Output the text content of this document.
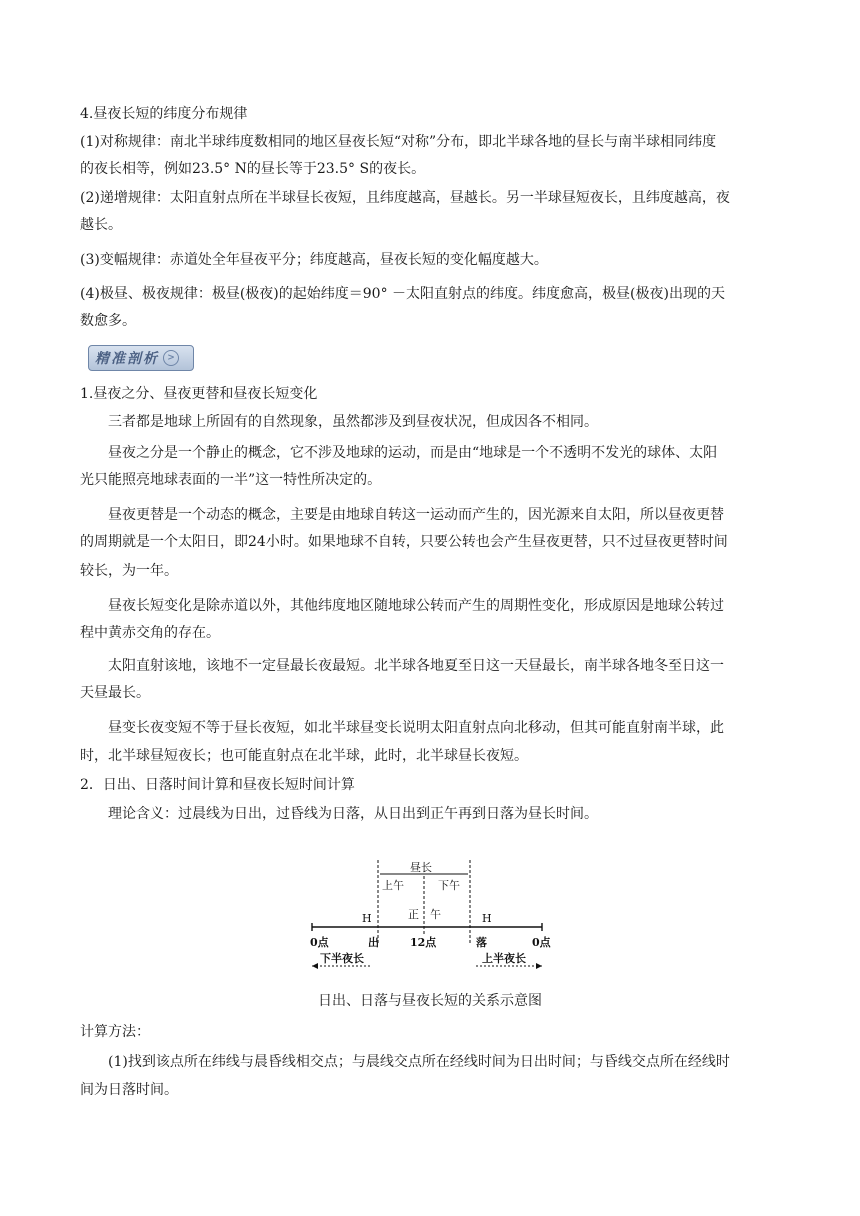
4.昼夜长短的纬度分布规律
(1)对称规律：南北半球纬度数相同的地区昼夜长短“对称”分布，即北半球各地的昼长与南半球相同纬度
的夜长相等，例如23.5° N的昼长等于23.5° S的夜长。
(2)递增规律：太阳直射点所在半球昼长夜短，且纬度越高，昼越长。另一半球昼短夜长，且纬度越高，夜
越长。
(3)变幅规律：赤道处全年昼夜平分；纬度越高，昼夜长短的变化幅度越大。
(4)极昼、极夜规律：极昼(极夜)的起始纬度＝90° －太阳直射点的纬度。纬度愈高，极昼(极夜)出现的天
数愈多。
精准剖析 >
1.昼夜之分、昼夜更替和昼夜长短变化
三者都是地球上所固有的自然现象，虽然都涉及到昼夜状况，但成因各不相同。
昼夜之分是一个静止的概念，它不涉及地球的运动，而是由“地球是一个不透明不发光的球体、太阳
光只能照亮地球表面的一半”这一特性所决定的。
昼夜更替是一个动态的概念，主要是由地球自转这一运动而产生的，因光源来自太阳，所以昼夜更替
的周期就是一个太阳日，即24小时。如果地球不自转，只要公转也会产生昼夜更替，只不过昼夜更替时间
较长，为一年。
昼夜长短变化是除赤道以外，其他纬度地区随地球公转而产生的周期性变化，形成原因是地球公转过
程中黄赤交角的存在。
太阳直射该地，该地不一定昼最长夜最短。北半球各地夏至日这一天昼最长，南半球各地冬至日这一
天昼最长。
昼变长夜变短不等于昼长夜短，如北半球昼变长说明太阳直射点向北移动，但其可能直射南半球，此
时，北半球昼短夜长；也可能直射点在北半球，此时，北半球昼长夜短。
2．日出、日落时间计算和昼夜长短时间计算
理论含义：过晨线为日出，过昏线为日落，从日出到正午再到日落为昼长时间。
昼长
上午	下午
正 午
H	H
0点	出	12点	落	0点
下半夜长	上半夜长
日出、日落与昼夜长短的关系示意图
计算方法：
(1)找到该点所在纬线与晨昏线相交点；与晨线交点所在经线时间为日出时间；与昏线交点所在经线时
间为日落时间。
